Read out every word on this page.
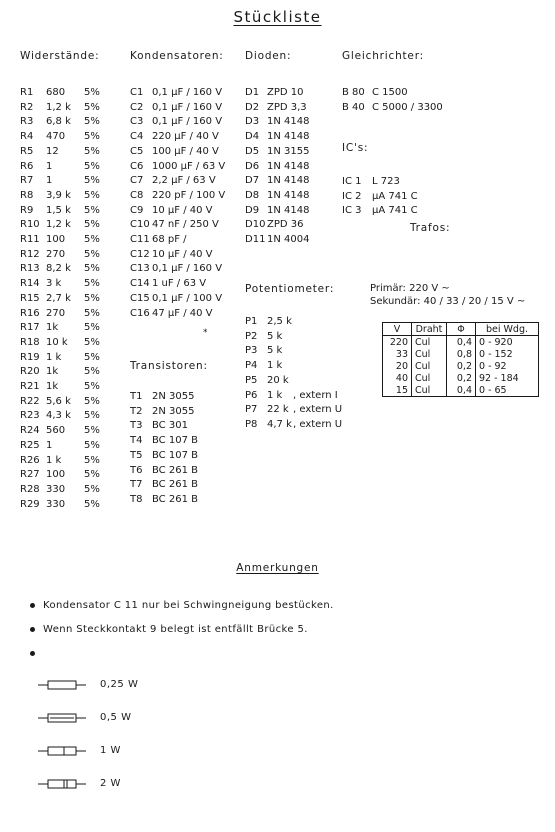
Stückliste
Widerstände:	Kondensatoren: Dioden:	Gleichrichter:
R1 680 5%
R2 1,2 k 5%
R3 6,8 k 5%
R4 470 5%
R5 12	5%
R6 1	5%
R7 1	5%
R8 3,9 k 5%
R9 1,5 k 5%
R10 1,2 k 5%
R11 100 5%
R12 270 5%
R13 8,2 k 5%
R14 3 k 5%
R15 2,7 k 5%
R16 270 5%
R17 1k	5%
R18 10 k 5%
R19 1 k 5%
R20 1k	5%
R21 1k	5%
R22 5,6 k 5%
R23 4,3 k 5%
R24 560 5%
R25 1	5%
R26 1 k 5%
R27 100 5%
R28 330 5%
R29 330 5%
C1 0,1 µF / 160 V
C2 0,1 µF / 160 V
C3 0,1 µF / 160 V
C4 220 µF / 40 V
C5 100 µF / 40 V
C6 1000 µF / 63 V
C7 2,2 µF / 63 V
C8 220 pF / 100 V
C9 10 µF / 40 V
C10 47 nF / 250 V
C11 68 pF /
C12 10 µF / 40 V
C13 0,1 µF / 160 V
C14 1 uF / 63 V
C15 0,1 µF / 100 V
C16 47 µF / 40 V
*
Transistoren:
T1 2N 3055
T2 2N 3055
T3 BC 301
T4 BC 107 B
T5 BC 107 B
T6 BC 261 B
T7 BC 261 B
T8 BC 261 B
D1 ZPD 10
D2 ZPD 3,3
D3 1N 4148
D4 1N 4148
D5 1N 3155
D6 1N 4148
D7 1N 4148
D8 1N 4148
D9 1N 4148
D10 ZPD 36
D11 1N 4004
Potentiometer:
P1 2,5 k
P2 5 k
P3 5 k
P4 1 k
P5 20 k
P6 1 k , extern I
P7 22 k , extern U
P8 4,7 k, extern U
B 80 C 1500
B 40 C 5000 / 3300
IC's:
IC 1 L 723
IC 2 µA 741 C
IC 3 µA 741 C
Trafos:
Primär: 220 V ~
Sekundär: 40 / 33 / 20 / 15 V ~
V	Draht	Φ	bei Wdg.
220	Cul	0,4	0 - 920
33	Cul	0,8	0 - 152
20	Cul	0,2	0 - 92
40	Cul	0,2	92 - 184
15	Cul	0,4	0 - 65
Anmerkungen
Kondensator C 11 nur bei Schwingneigung bestücken.
Wenn Steckkontakt 9 belegt ist entfällt Brücke 5.
0,25 W
0,5 W
1 W
2 W
